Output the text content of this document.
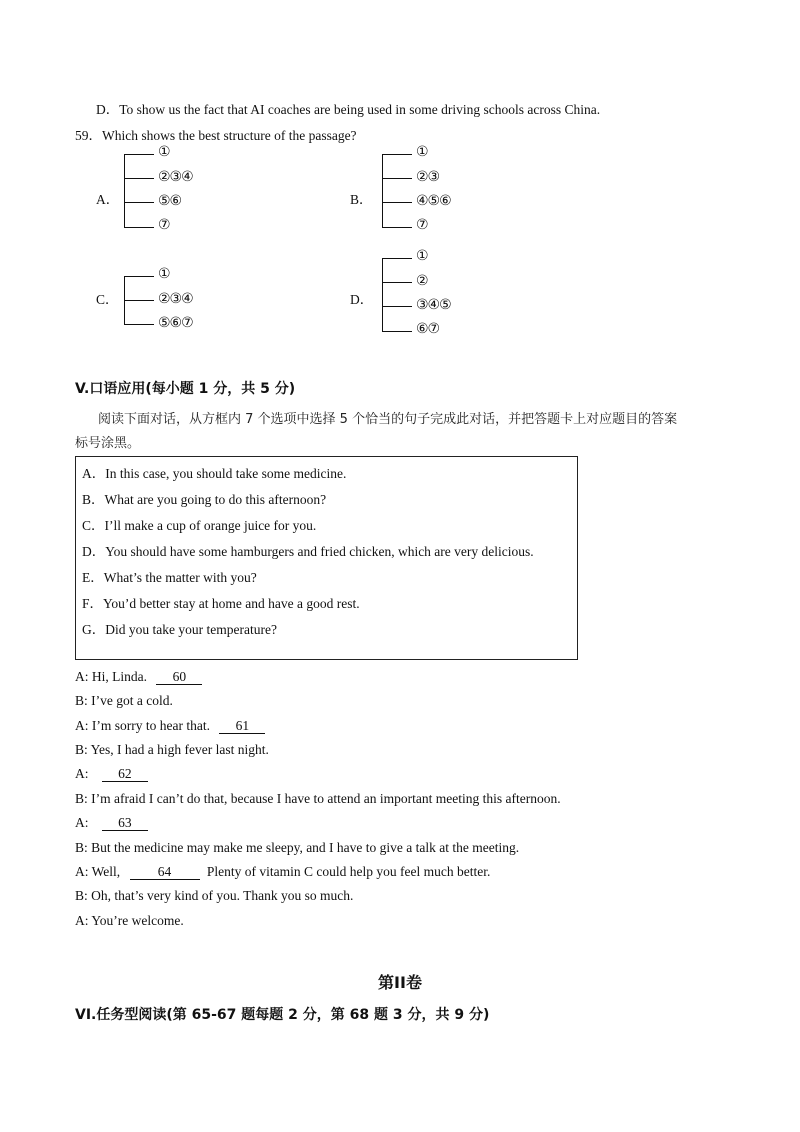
D．To show us the fact that AI coaches are being used in some driving schools across China.
59．Which shows the best structure of the passage?
A．
①
②③④
⑤⑥
⑦
B．
①
②③
④⑤⑥
⑦
C．
①
②③④
⑤⑥⑦
D．
①
②
③④⑤
⑥⑦
V.口语应用(每小题 1 分，共 5 分)
阅读下面对话，从方框内 7 个选项中选择 5 个恰当的句子完成此对话，并把答题卡上对应题目的答案
标号涂黑。
A．In this case, you should take some medicine.
B．What are you going to do this afternoon?
C．I’ll make a cup of orange juice for you.
D．You should have some hamburgers and fried chicken, which are very delicious.
E．What’s the matter with you?
F．You’d better stay at home and have a good rest.
G．Did you take your temperature?
A: Hi, Linda. 60
B: I’ve got a cold.
A: I’m sorry to hear that. 61
B: Yes, I had a high fever last night.
A: 62
B: I’m afraid I can’t do that, because I have to attend an important meeting this afternoon.
A: 63
B: But the medicine may make me sleepy, and I have to give a talk at the meeting.
A: Well,	64	Plenty of vitamin C could help you feel much better.
B: Oh, that’s very kind of you. Thank you so much.
A: You’re welcome.
第II卷
VI.任务型阅读(第 65-67 题每题 2 分，第 68 题 3 分，共 9 分)
